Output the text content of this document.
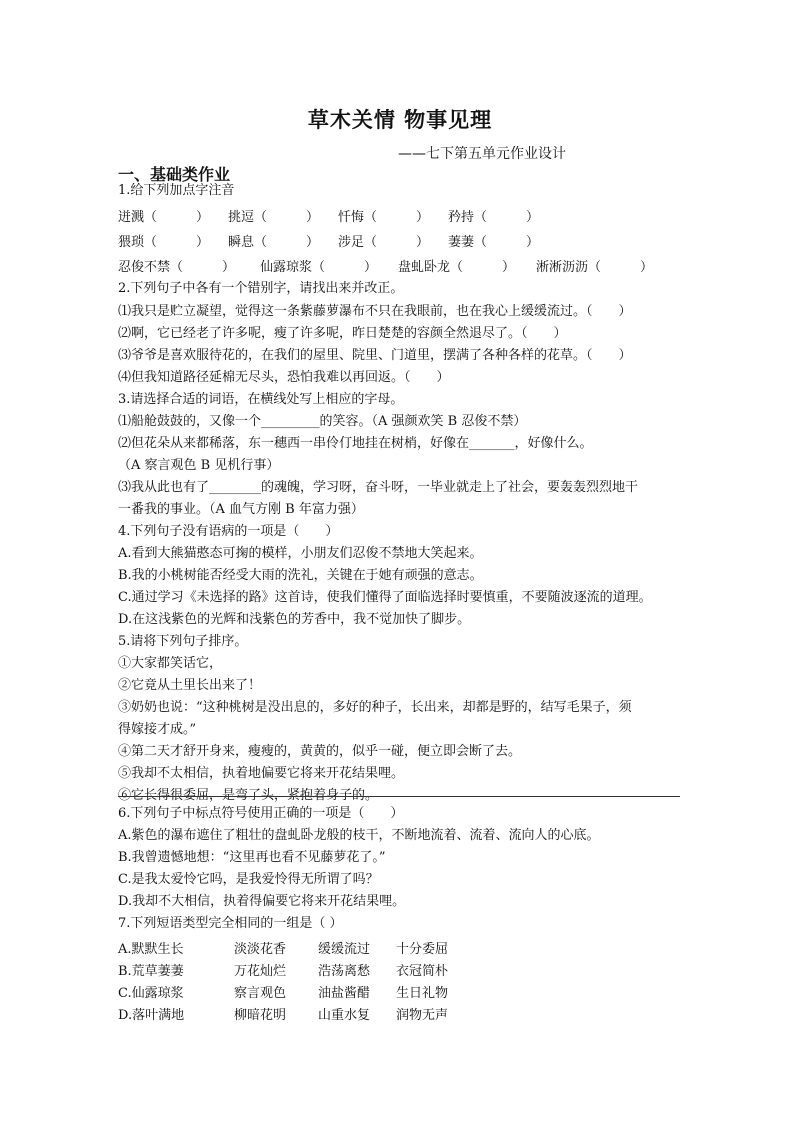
草木关情 物事见理
——七下第五单元作业设计
一、基础类作业
1.给下列加点字注音
迸溅（　　　） 挑逗（　　　） 忏悔（　　　） 矜持（　　　）
猥琐（　　　） 瞬息（　　　） 涉足（　　　） 萋萋（　　　）
忍俊不禁（　　　） 仙露琼浆（　　　） 盘虬卧龙（　　　） 淅淅沥沥（　　　）
2.下列句子中各有一个错别字，请找出来并改正。
⑴我只是贮立凝望，觉得这一条紫藤萝瀑布不只在我眼前，也在我心上缓缓流过。（　　）
⑵啊，它已经老了许多呢，瘦了许多呢，昨日楚楚的容颜全然退尽了。（　　）
⑶爷爷是喜欢服待花的，在我们的屋里、院里、门道里，摆满了各种各样的花草。（　　）
⑷但我知道路径延棉无尽头，恐怕我难以再回返。（　　）
3.请选择合适的词语，在横线处写上相应的字母。
⑴船舱鼓鼓的，又像一个_________的笑容。（A 强颜欢笑 B 忍俊不禁）
⑵但花朵从来都稀落，东一穗西一串伶仃地挂在树梢，好像在_______，好像什么。
（A 察言观色 B 见机行事）
⑶我从此也有了________的魂魄，学习呀，奋斗呀，一毕业就走上了社会，要轰轰烈烈地干
一番我的事业。（A 血气方刚 B 年富力强）
4.下列句子没有语病的一项是（　　）
A.看到大熊猫憨态可掬的模样，小朋友们忍俊不禁地大笑起来。
B.我的小桃树能否经受大雨的洗礼，关键在于她有顽强的意志。
C.通过学习《未选择的路》这首诗，使我们懂得了面临选择时要慎重，不要随波逐流的道理。
D.在这浅紫色的光辉和浅紫色的芳香中，我不觉加快了脚步。
5.请将下列句子排序。
①大家都笑话它，
②它竟从土里长出来了！
③奶奶也说：“这种桃树是没出息的，多好的种子，长出来，却都是野的，结写毛果子，须
得嫁接才成。”
④第二天才舒开身来，瘦瘦的，黄黄的，似乎一碰，便立即会断了去。
⑤我却不太相信，执着地偏要它将来开花结果哩。
⑥它长得很委屈，是弯了头，紧抱着身子的。
6.下列句子中标点符号使用正确的一项是（　　）
A.紫色的瀑布遮住了粗壮的盘虬卧龙般的枝干，不断地流着、流着、流向人的心底。
B.我曾遗憾地想：“这里再也看不见藤萝花了。”
C.是我太爱怜它吗，是我爱怜得无所谓了吗？
D.我却不大相信，执着得偏要它将来开花结果哩。
7.下列短语类型完全相同的一组是（ ）
A.默默生长	淡淡花香 缓缓流过 十分委屈
B.荒草萋萋	万花灿烂 浩荡离愁 衣冠简朴
C.仙露琼浆	察言观色 油盐酱醋 生日礼物
D.落叶满地	柳暗花明 山重水复 润物无声
